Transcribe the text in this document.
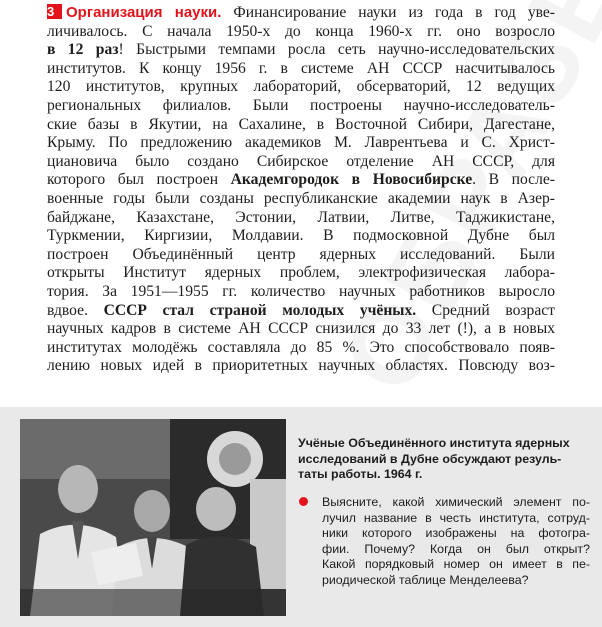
3 Организация науки. Финансирование науки из года в год уве-
личивалось. С начала 1950-х до конца 1960-х гг. оно возросло
в 12 раз! Быстрыми темпами росла сеть научно-исследовательских
институтов. К концу 1956 г. в системе АН СССР насчитывалось
120 институтов, крупных лабораторий, обсерваторий, 12 ведущих
региональных филиалов. Были построены научно-исследователь-
ские базы в Якутии, на Сахалине, в Восточной Сибири, Дагестане,
Крыму. По предложению академиков М. Лаврентьева и С. Христ-
циановича было создано Сибирское отделение АН СССР, для
которого был построен Академгородок в Новосибирске. В после-
военные годы были созданы республиканские академии наук в Азер-
байджане, Казахстане, Эстонии, Латвии, Литве, Таджикистане,
Туркмении, Киргизии, Молдавии. В подмосковной Дубне был
построен Объединённый центр ядерных исследований. Были
открыты Институт ядерных проблем, электрофизическая лабора-
тория. За 1951—1955 гг. количество научных работников выросло
вдвое. СССР стал страной молодых учёных. Средний возраст
научных кадров в системе АН СССР снизился до 33 лет (!), а в новых
институтах молодёжь составляла до 85 %. Это способствовало появ-
лению новых идей в приоритетных научных областях. Повсюду воз-
Учёные Объединённого института ядерных
исследований в Дубне обсуждают резуль-
таты работы. 1964 г.
Выясните, какой химический элемент по-
лучил название в честь института, сотруд-
ники которого изображены на фотогра-
фии. Почему? Когда он был открыт?
Какой порядковый номер он имеет в пе-
риодической таблице Менделеева?
